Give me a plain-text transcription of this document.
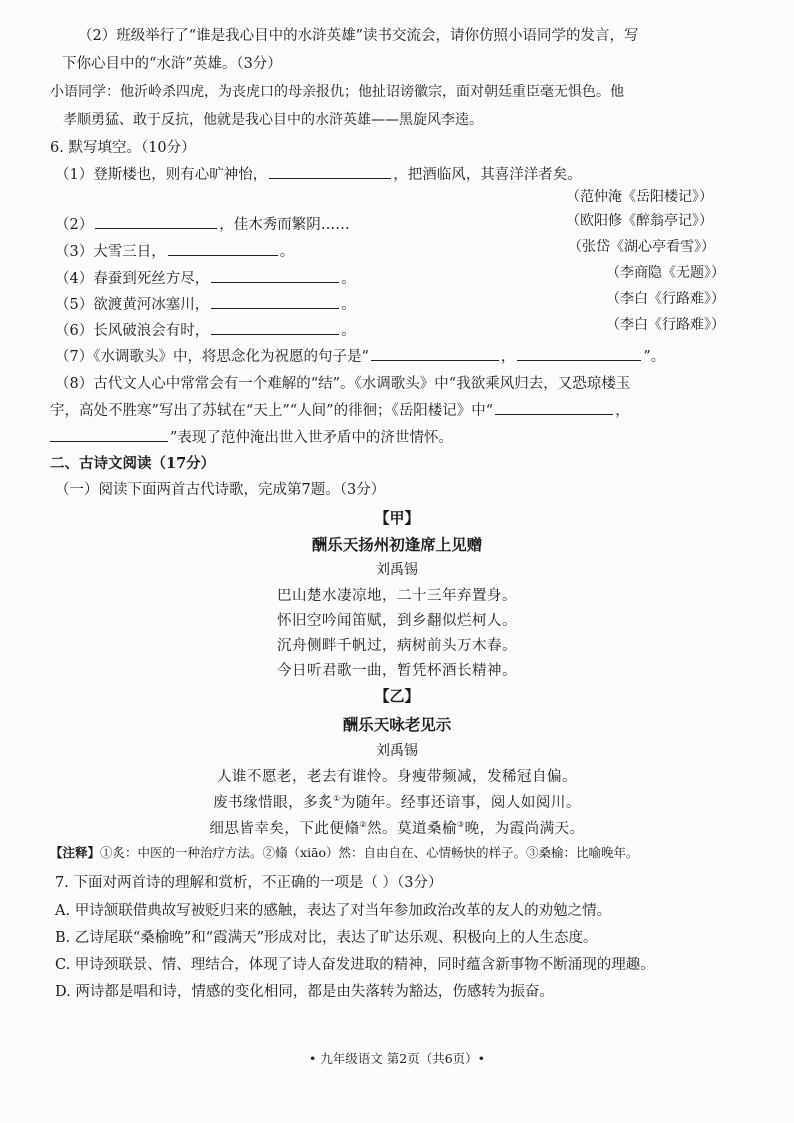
（2）班级举行了“谁是我心目中的水浒英雄”读书交流会，请你仿照小语同学的发言，写
下你心目中的“水浒”英雄。（3分）
小语同学：他沂岭杀四虎，为丧虎口的母亲报仇；他扯诏谤徽宗，面对朝廷重臣毫无惧色。他
孝顺勇猛、敢于反抗，他就是我心目中的水浒英雄——黑旋风李逵。
6. 默写填空。（10分）
（1）登斯楼也，则有心旷神怡，	，把酒临风，其喜洋洋者矣。
（范仲淹《岳阳楼记》）
（2）	，佳木秀而繁阴……	（欧阳修《醉翁亭记》）
（3）大雪三日，	。	（张岱《湖心亭看雪》）
（4）春蚕到死丝方尽，	。	（李商隐《无题》）
（5）欲渡黄河冰塞川，	。	（李白《行路难》）
（6）长风破浪会有时，	。	（李白《行路难》）
（7）《水调歌头》中，将思念化为祝愿的句子是“	，	”。
（8）古代文人心中常常会有一个难解的“结”。《水调歌头》中“我欲乘风归去，又恐琼楼玉
宇，高处不胜寒”写出了苏轼在“天上”“人间”的徘徊；《岳阳楼记》中“	，
”表现了范仲淹出世入世矛盾中的济世情怀。
二、古诗文阅读（17分）
（一）阅读下面两首古代诗歌，完成第7题。（3分）
【甲】
酬乐天扬州初逢席上见赠
刘禹锡
巴山楚水凄凉地，二十三年弃置身。
怀旧空吟闻笛赋，到乡翻似烂柯人。
沉舟侧畔千帆过，病树前头万木春。
今日听君歌一曲，暂凭杯酒长精神。
【乙】
酬乐天咏老见示
刘禹锡
人谁不愿老，老去有谁怜。身瘦带频减，发稀冠自偏。
废书缘惜眼，多炙①为随年。经事还谙事，阅人如阅川。
细思皆幸矣，下此便翛②然。莫道桑榆③晚，为霞尚满天。
【注释】①炙：中医的一种治疗方法。②翛（xiāo）然：自由自在、心情畅快的样子。③桑榆：比喻晚年。
7. 下面对两首诗的理解和赏析，不正确的一项是（ ）（3分）
A. 甲诗颔联借典故写被贬归来的感触，表达了对当年参加政治改革的友人的劝勉之情。
B. 乙诗尾联“桑榆晚”和“霞满天”形成对比，表达了旷达乐观、积极向上的人生态度。
C. 甲诗颈联景、情、理结合，体现了诗人奋发进取的精神，同时蕴含新事物不断涌现的理趣。
D. 两诗都是唱和诗，情感的变化相同，都是由失落转为豁达，伤感转为振奋。
• 九年级语文 第2页（共6页）•
